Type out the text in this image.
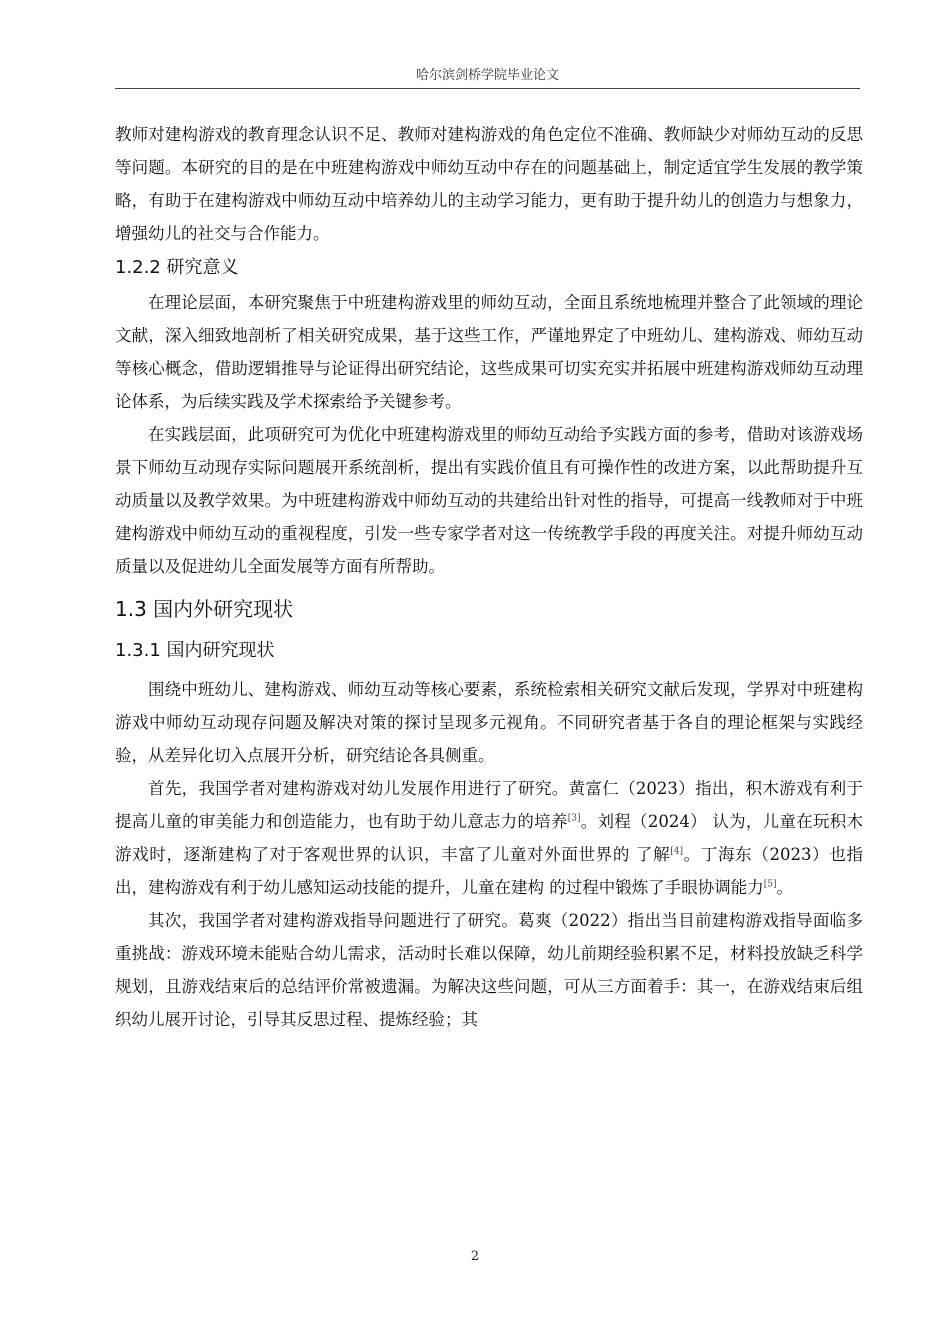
哈尔滨剑桥学院毕业论文

教师对建构游戏的教育理念认识不足、教师对建构游戏的角色定位不准确、教师缺少对师幼互动的反思等问题。本研究的目的是在中班建构游戏中师幼互动中存在的问题基础上，制定适宜学生发展的教学策略，有助于在建构游戏中师幼互动中培养幼儿的主动学习能力，更有助于提升幼儿的创造力与想象力，增强幼儿的社交与合作能力。

1.2.2 研究意义

在理论层面，本研究聚焦于中班建构游戏里的师幼互动，全面且系统地梳理并整合了此领域的理论文献，深入细致地剖析了相关研究成果，基于这些工作，严谨地界定了中班幼儿、建构游戏、师幼互动等核心概念，借助逻辑推导与论证得出研究结论，这些成果可切实充实并拓展中班建构游戏师幼互动理论体系，为后续实践及学术探索给予关键参考。

在实践层面，此项研究可为优化中班建构游戏里的师幼互动给予实践方面的参考，借助对该游戏场景下师幼互动现存实际问题展开系统剖析，提出有实践价值且有可操作性的改进方案，以此帮助提升互动质量以及教学效果。为中班建构游戏中师幼互动的共建给出针对性的指导，可提高一线教师对于中班建构游戏中师幼互动的重视程度，引发一些专家学者对这一传统教学手段的再度关注。对提升师幼互动质量以及促进幼儿全面发展等方面有所帮助。

1.3 国内外研究现状
1.3.1 国内研究现状

围绕中班幼儿、建构游戏、师幼互动等核心要素，系统检索相关研究文献后发现，学界对中班建构游戏中师幼互动现存问题及解决对策的探讨呈现多元视角。不同研究者基于各自的理论框架与实践经验，从差异化切入点展开分析，研究结论各具侧重。

首先，我国学者对建构游戏对幼儿发展作用进行了研究。黄富仁（2023）指出，积木游戏有利于提高儿童的审美能力和创造能力，也有助于幼儿意志力的培养[3]。刘程（2024） 认为，儿童在玩积木游戏时，逐渐建构了对于客观世界的认识，丰富了儿童对外面世界的 了解[4]。丁海东（2023）也指出，建构游戏有利于幼儿感知运动技能的提升，儿童在建构 的过程中锻炼了手眼协调能力[5]。

其次，我国学者对建构游戏指导问题进行了研究。葛爽（2022）指出当目前建构游戏指导面临多重挑战：游戏环境未能贴合幼儿需求，活动时长难以保障，幼儿前期经验积累不足，材料投放缺乏科学规划，且游戏结束后的总结评价常被遗漏。为解决这些问题，可从三方面着手：其一，在游戏结束后组织幼儿展开讨论，引导其反思过程、提炼经验；其

2
